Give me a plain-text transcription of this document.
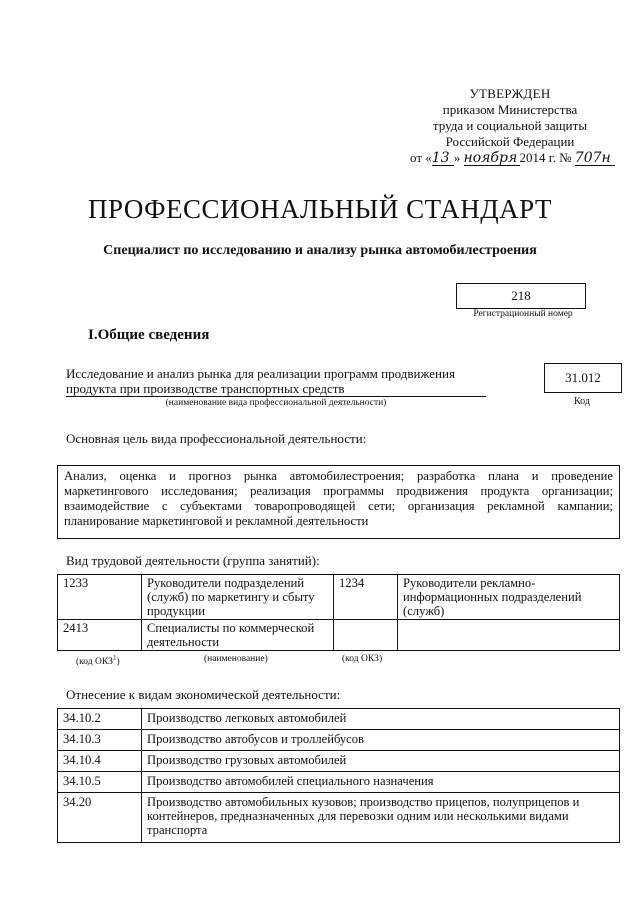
УТВЕРЖДЕН
приказом Министерства
труда и социальной защиты
Российской Федерации
от «13 » ноября 2014 г. № 707н
ПРОФЕССИОНАЛЬНЫЙ СТАНДАРТ
Специалист по исследованию и анализу рынка автомобилестроения
218
Регистрационный номер
I.Общие сведения
Исследование и анализ рынка для реализации программ продвижения продукта при производстве транспортных средств
(наименование вида профессиональной деятельности)
31.012
Код
Основная цель вида профессиональной деятельности:
Анализ, оценка и прогноз рынка автомобилестроения; разработка плана и проведение маркетингового исследования; реализация программы продвижения продукта организации; взаимодействие с субъектами товаропроводящей сети; организация рекламной кампании; планирование маркетинговой и рекламной деятельности
Вид трудовой деятельности (группа занятий):
1233	Руководители подразделений (служб) по маркетингу и сбыту продукции	1234	Руководители рекламно-информационных подразделений (служб)
2413	Специалисты по коммерческой деятельности		
(код ОКЗ$^1$)	(наименование)	(код ОКЗ)
Отнесение к видам экономической деятельности:
34.10.2	Производство легковых автомобилей
34.10.3	Производство автобусов и троллейбусов
34.10.4	Производство грузовых автомобилей
34.10.5	Производство автомобилей специального назначения
34.20	Производство автомобильных кузовов; производство прицепов, полуприцепов и контейнеров, предназначенных для перевозки одним или несколькими видами транспорта
